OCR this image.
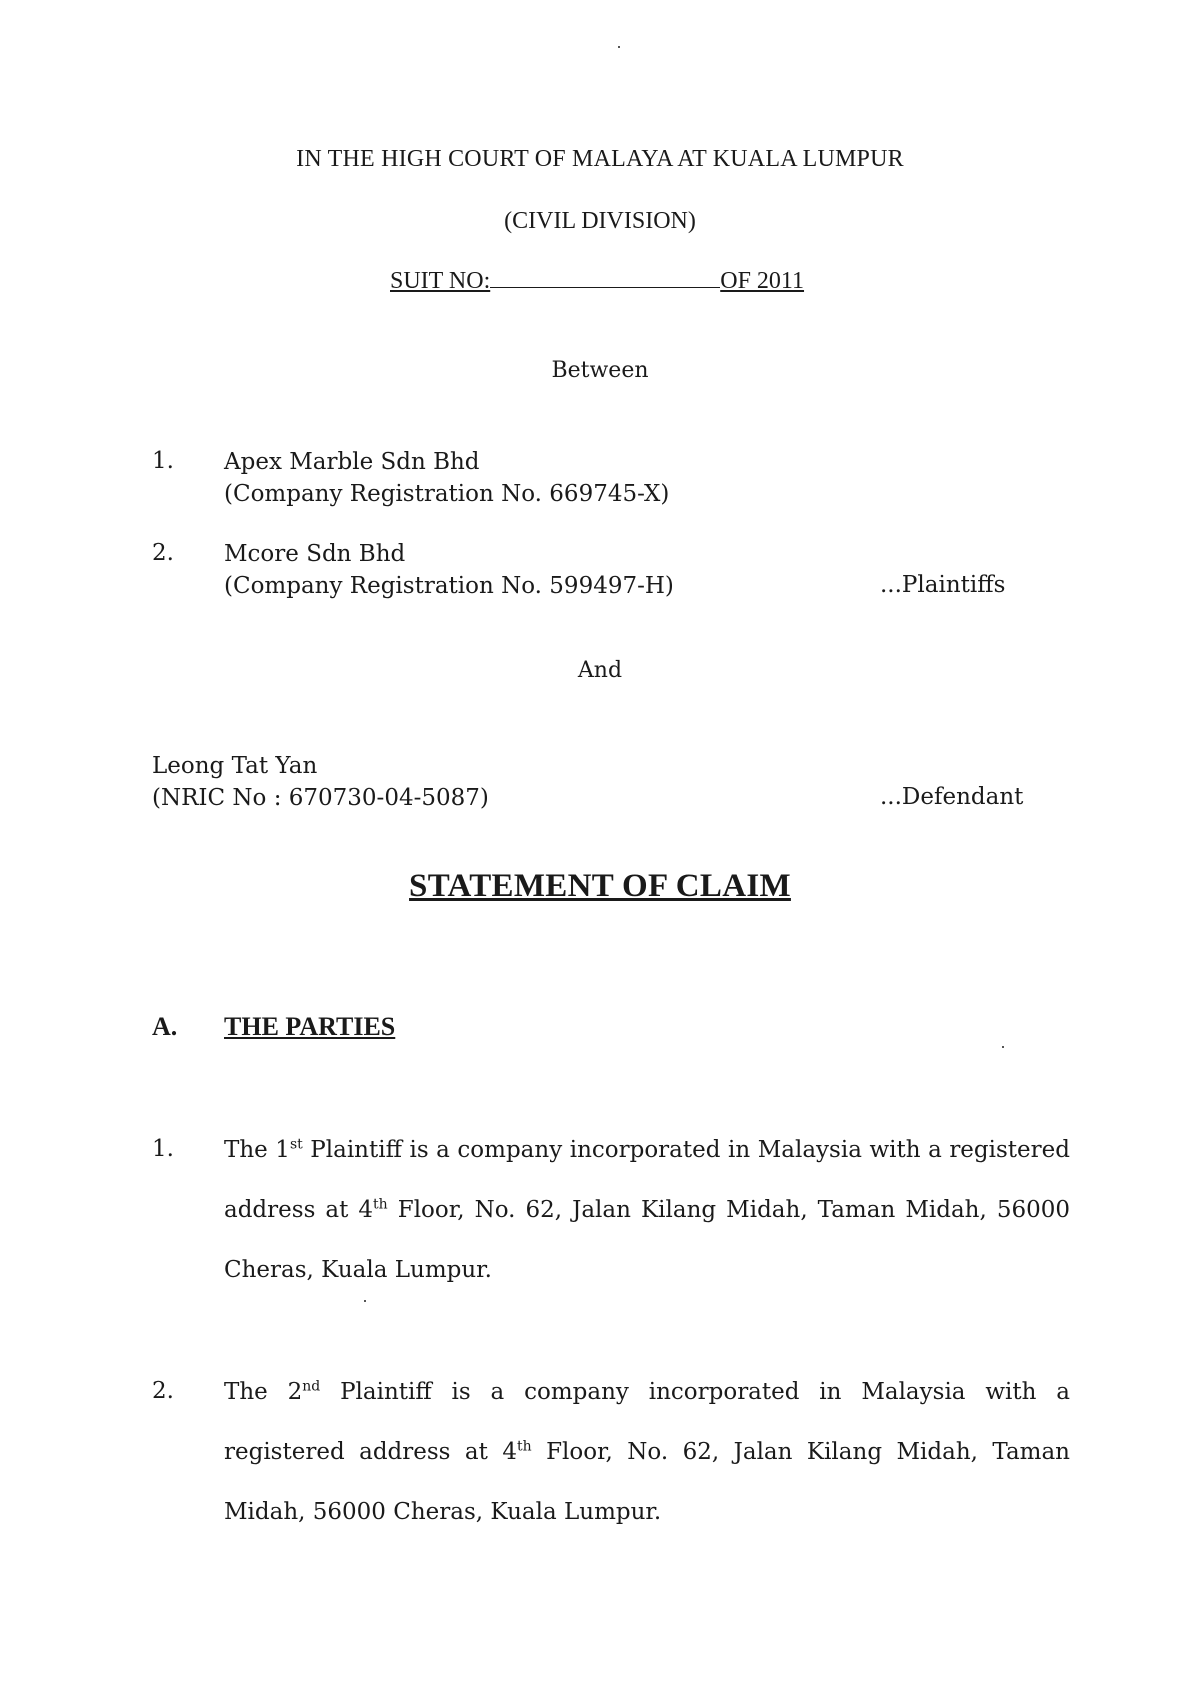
IN THE HIGH COURT OF MALAYA AT KUALA LUMPUR
(CIVIL DIVISION)
SUIT NO:	OF 2011
Between
1. Apex Marble Sdn Bhd
(Company Registration No. 669745-X)
2. Mcore Sdn Bhd
(Company Registration No. 599497-H)	...Plaintiffs
And
Leong Tat Yan
(NRIC No : 670730-04-5087)	...Defendant
STATEMENT OF CLAIM
A. THE PARTIES
1. The 1st Plaintiff is a company incorporated in Malaysia with a registered address at 4th Floor, No. 62, Jalan Kilang Midah, Taman Midah, 56000 Cheras, Kuala Lumpur.
2. The 2nd Plaintiff is a company incorporated in Malaysia with a registered address at 4th Floor, No. 62, Jalan Kilang Midah, Taman Midah, 56000 Cheras, Kuala Lumpur.
